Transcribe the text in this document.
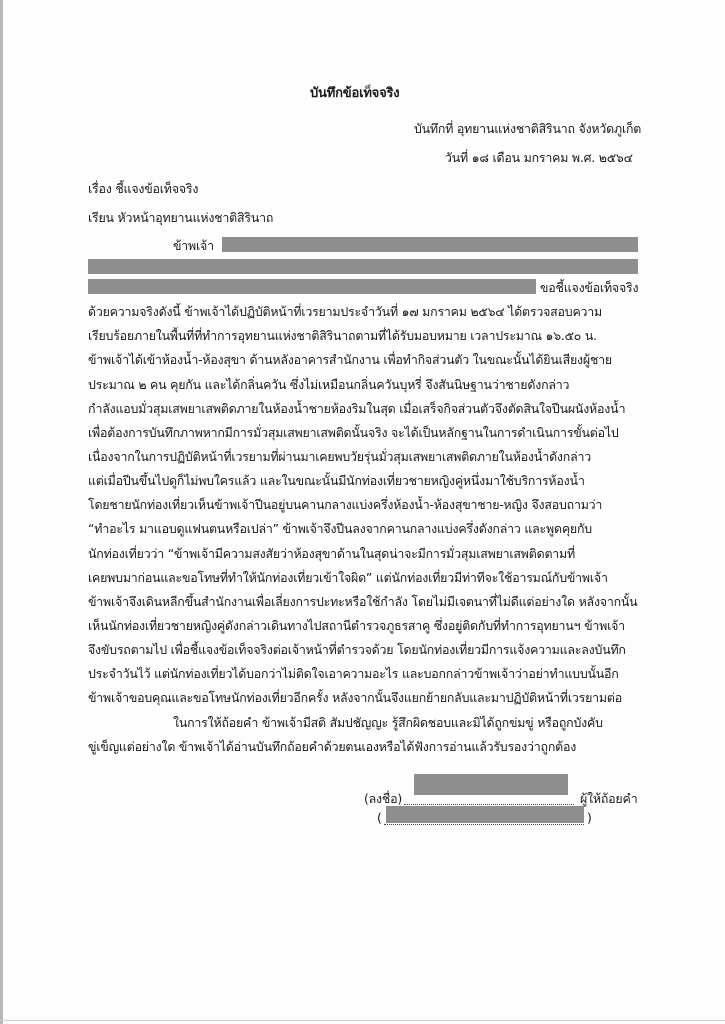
บันทึกข้อเท็จจริง
บันทึกที่ อุทยานแห่งชาติสิรินาถ จังหวัดภูเก็ต
วันที่ ๑๘ เดือน มกราคม พ.ศ. ๒๕๖๔
เรื่อง ชี้แจงข้อเท็จจริง
เรียน หัวหน้าอุทยานแห่งชาติสิรินาถ
ข้าพเจ้า
ขอชี้แจงข้อเท็จจริง
ด้วยความจริงดังนี้ ข้าพเจ้าได้ปฏิบัติหน้าที่เวรยามประจำวันที่ ๑๗ มกราคม ๒๕๖๔ ได้ตรวจสอบความ
เรียบร้อยภายในพื้นที่ที่ทำการอุทยานแห่งชาติสิรินาถตามที่ได้รับมอบหมาย เวลาประมาณ ๑๖.๕๐ น.
ข้าพเจ้าได้เข้าห้องน้ำ-ห้องสุขา ด้านหลังอาคารสำนักงาน เพื่อทำกิจส่วนตัว ในขณะนั้นได้ยินเสียงผู้ชาย
ประมาณ ๒ คน คุยกัน และได้กลิ่นควัน ซึ่งไม่เหมือนกลิ่นควันบุหรี่ จึงสันนิษฐานว่าชายดังกล่าว
กำลังแอบมั่วสุมเสพยาเสพติดภายในห้องน้ำชายห้องริมในสุด เมื่อเสร็จกิจส่วนตัวจึงตัดสินใจปีนผนังห้องน้ำ
เพื่อต้องการบันทึกภาพหากมีการมั่วสุมเสพยาเสพติดนั้นจริง จะได้เป็นหลักฐานในการดำเนินการขั้นต่อไป
เนื่องจากในการปฏิบัติหน้าที่เวรยามที่ผ่านมาเคยพบวัยรุ่นมั่วสุมเสพยาเสพติดภายในห้องน้ำดังกล่าว
แต่เมื่อปีนขึ้นไปดูก็ไม่พบใครแล้ว และในขณะนั้นมีนักท่องเที่ยวชายหญิงคู่หนึ่งมาใช้บริการห้องน้ำ
โดยชายนักท่องเที่ยวเห็นข้าพเจ้าปีนอยู่บนคานกลางแบ่งครึ่งห้องน้ำ-ห้องสุขาชาย-หญิง จึงสอบถามว่า
“ทำอะไร มาแอบดูแฟนตนหรือเปล่า” ข้าพเจ้าจึงปีนลงจากคานกลางแบ่งครึ่งดังกล่าว และพูดคุยกับ
นักท่องเที่ยวว่า “ข้าพเจ้ามีความสงสัยว่าห้องสุขาด้านในสุดน่าจะมีการมั่วสุมเสพยาเสพติดตามที่
เคยพบมาก่อนและขอโทษที่ทำให้นักท่องเที่ยวเข้าใจผิด” แต่นักท่องเที่ยวมีท่าทีจะใช้อารมณ์กับข้าพเจ้า
ข้าพเจ้าจึงเดินหลีกขึ้นสำนักงานเพื่อเลี่ยงการปะทะหรือใช้กำลัง โดยไม่มีเจตนาที่ไม่ดีแต่อย่างใด หลังจากนั้น
เห็นนักท่องเที่ยวชายหญิงคู่ดังกล่าวเดินทางไปสถานีตำรวจภูธรสาคู ซึ่งอยู่ติดกับที่ทำการอุทยานฯ ข้าพเจ้า
จึงขับรถตามไป เพื่อชี้แจงข้อเท็จจริงต่อเจ้าหน้าที่ตำรวจด้วย โดยนักท่องเที่ยวมีการแจ้งความและลงบันทึก
ประจำวันไว้ แต่นักท่องเที่ยวได้บอกว่าไม่ติดใจเอาความอะไร และบอกกล่าวข้าพเจ้าว่าอย่าทำแบบนั้นอีก
ข้าพเจ้าขอบคุณและขอโทษนักท่องเที่ยวอีกครั้ง หลังจากนั้นจึงแยกย้ายกลับและมาปฏิบัติหน้าที่เวรยามต่อ
ในการให้ถ้อยคำ ข้าพเจ้ามีสติ สัมปชัญญะ รู้สึกผิดชอบและมิได้ถูกข่มขู่ หรือถูกบังคับ
ขู่เข็ญแต่อย่างใด ข้าพเจ้าได้อ่านบันทึกถ้อยคำด้วยตนเองหรือได้ฟังการอ่านแล้วรับรองว่าถูกต้อง
(ลงชื่อ)	ผู้ให้ถ้อยคำ
(	)
